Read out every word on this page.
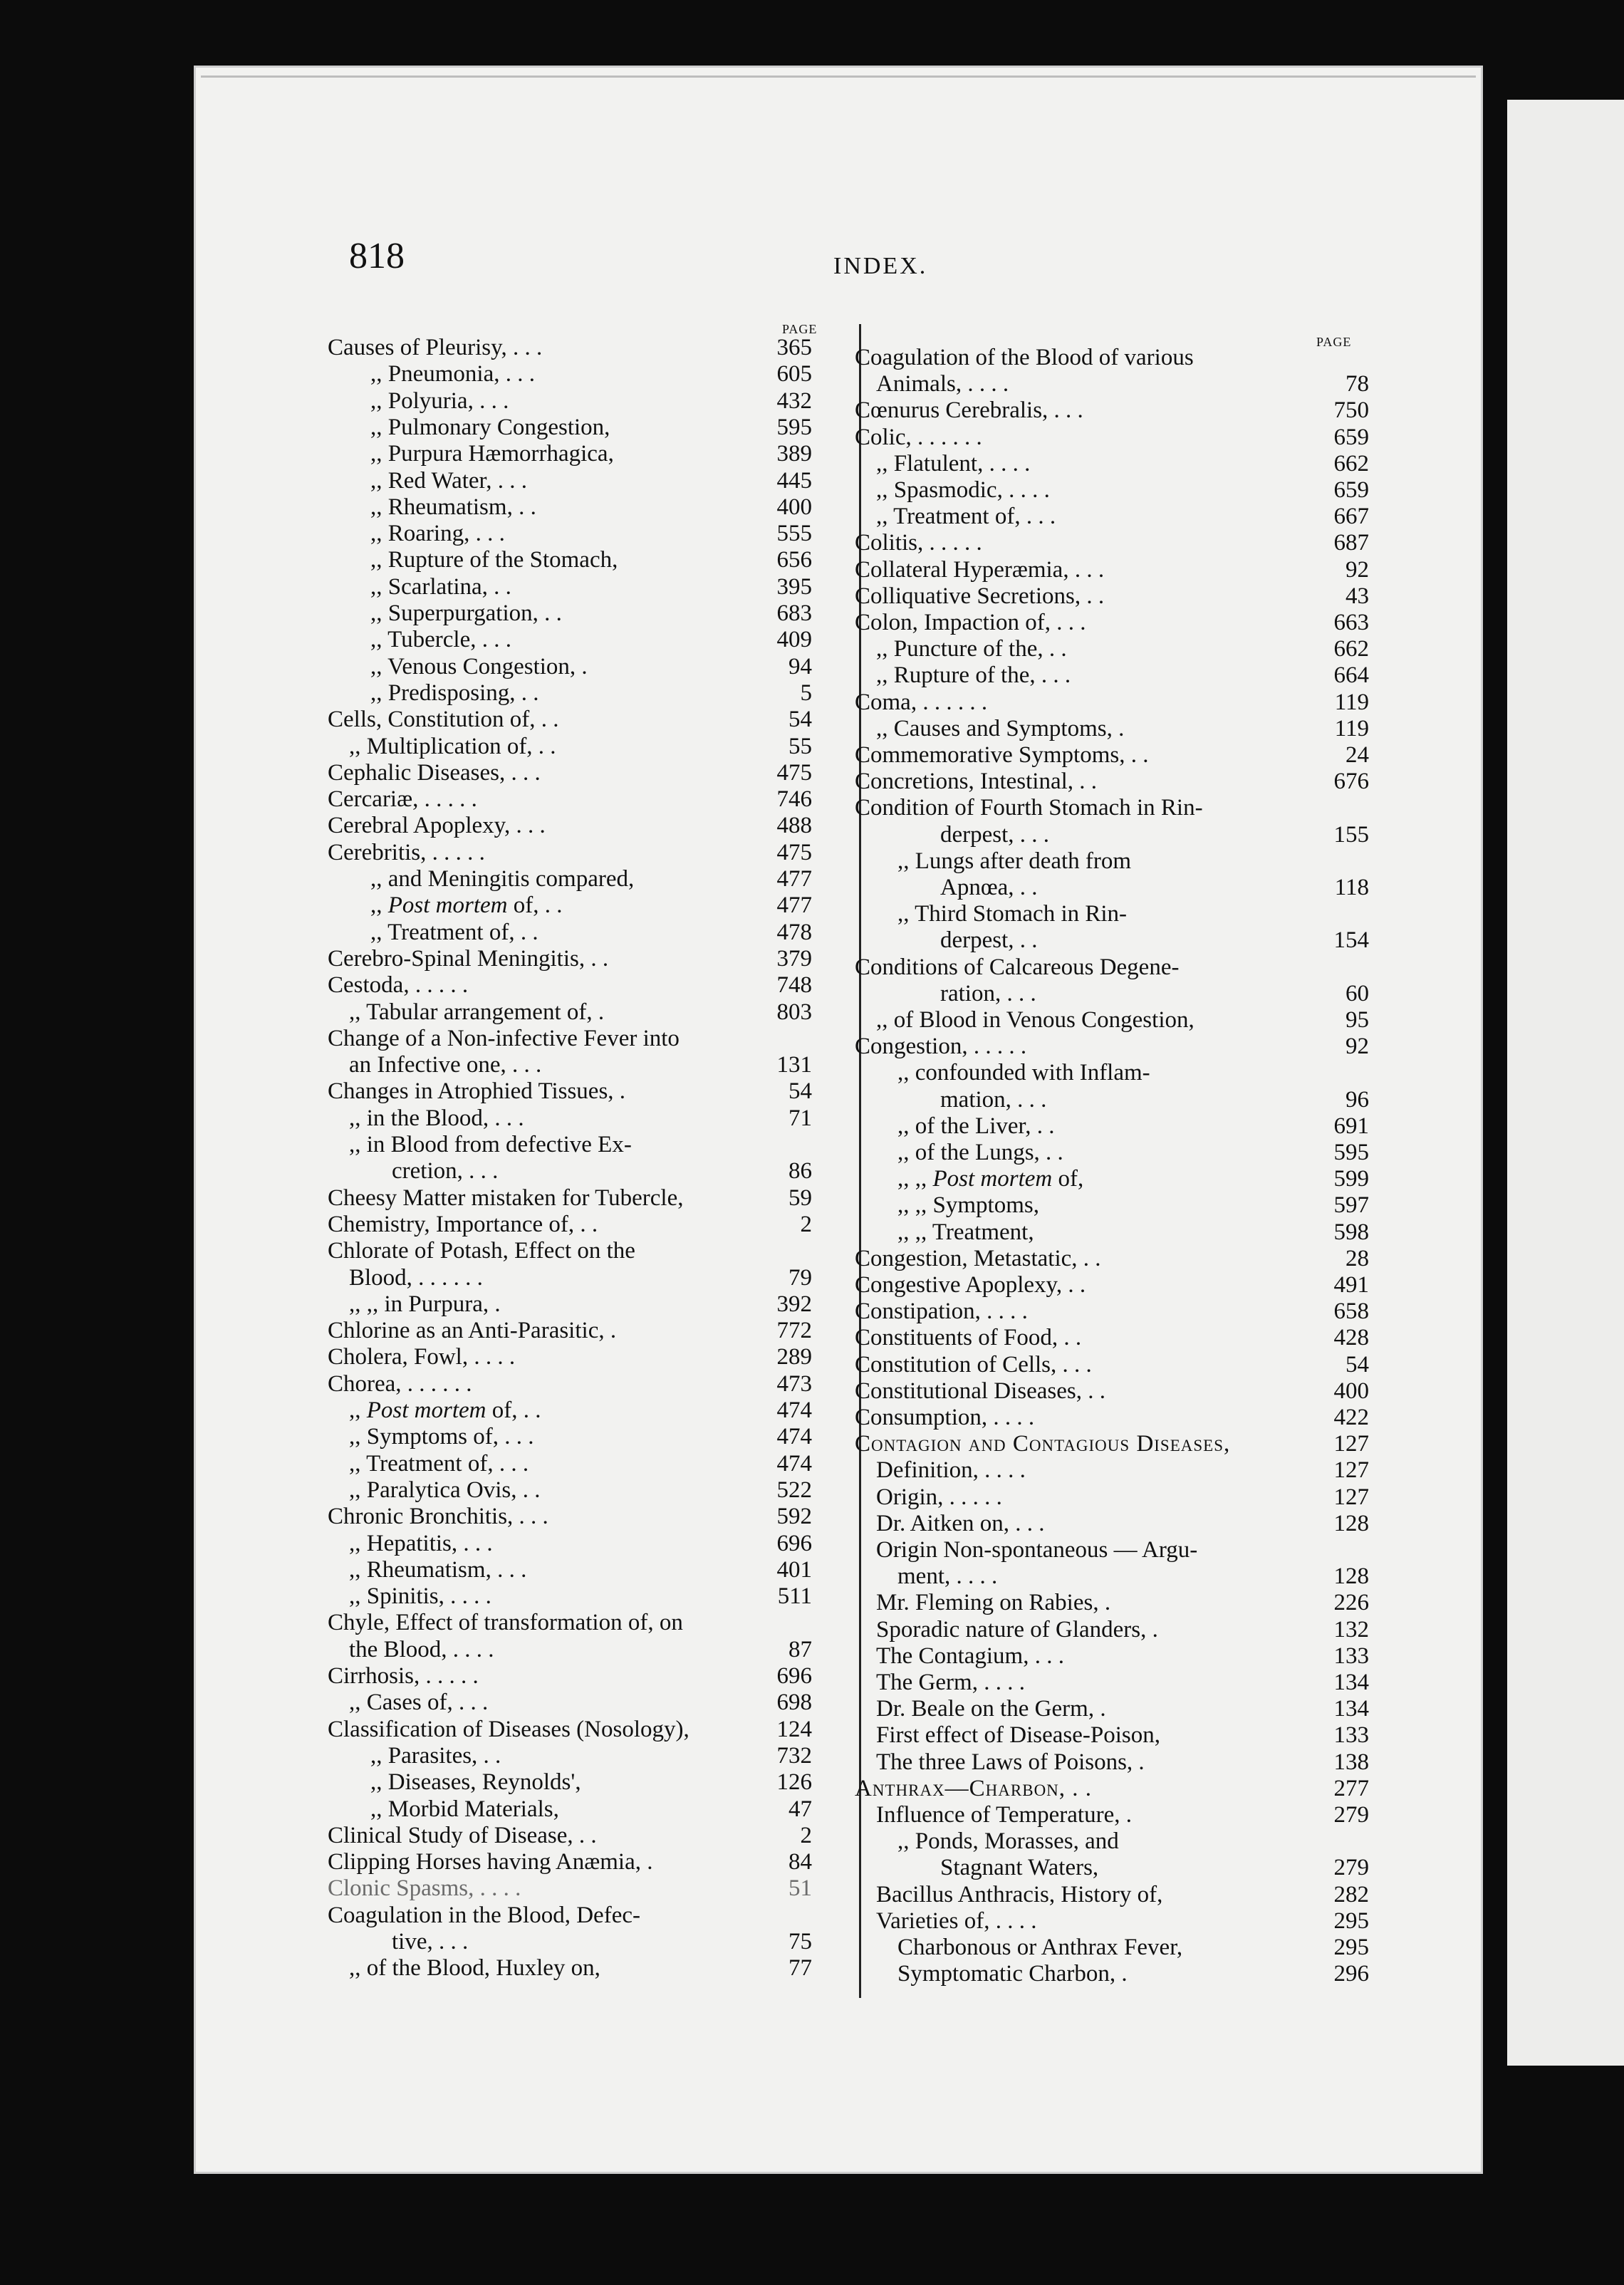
818	INDEX.
PAGE
PAGE
Causes of Pleurisy, . . .	365
,, Pneumonia, . . .	605
,, Polyuria, . . .	432
,, Pulmonary Congestion,	595
,, Purpura Hæmorrhagica,	389
,, Red Water, . . .	445
,, Rheumatism, . .	400
,, Roaring, . . .	555
,, Rupture of the Stomach,	656
,, Scarlatina, . .	395
,, Superpurgation, . .	683
,, Tubercle, . . .	409
,, Venous Congestion, .	94
,, Predisposing, . .	5
Cells, Constitution of, . .	54
,, Multiplication of, . .	55
Cephalic Diseases, . . .	475
Cercariæ, . . . . .	746
Cerebral Apoplexy, . . .	488
Cerebritis, . . . . .	475
,, and Meningitis compared,	477
,, Post mortem of, . .	477
,, Treatment of, . .	478
Cerebro-Spinal Meningitis, . .	379
Cestoda, . . . . .	748
,, Tabular arrangement of, .	803
Change of a Non-infective Fever into
an Infective one, . . .	131
Changes in Atrophied Tissues, .	54
,, in the Blood, . . .	71
,, in Blood from defective Ex-
cretion, . . .	86
Cheesy Matter mistaken for Tubercle,	59
Chemistry, Importance of, . .	2
Chlorate of Potash, Effect on the
Blood, . . . . . .	79
,, ,, in Purpura, .	392
Chlorine as an Anti-Parasitic, .	772
Cholera, Fowl, . . . .	289
Chorea, . . . . . .	473
,, Post mortem of, . .	474
,, Symptoms of, . . .	474
,, Treatment of, . . .	474
,, Paralytica Ovis, . .	522
Chronic Bronchitis, . . .	592
,, Hepatitis, . . .	696
,, Rheumatism, . . .	401
,, Spinitis, . . . .	511
Chyle, Effect of transformation of, on
the Blood, . . . .	87
Cirrhosis, . . . . .	696
,, Cases of, . . .	698
Classification of Diseases (Nosology),	124
,, Parasites, . .	732
,, Diseases, Reynolds',	126
,, Morbid Materials,	47
Clinical Study of Disease, . .	2
Clipping Horses having Anæmia, .	84
Clonic Spasms, . . . .	51
Coagulation in the Blood, Defec-
tive, . . .	75
,, of the Blood, Huxley on,	77
Coagulation of the Blood of various
Animals, . . . .	78
Cœnurus Cerebralis, . . .	750
Colic, . . . . . .	659
,, Flatulent, . . . .	662
,, Spasmodic, . . . .	659
,, Treatment of, . . .	667
Colitis, . . . . .	687
Collateral Hyperæmia, . . .	92
Colliquative Secretions, . .	43
Colon, Impaction of, . . .	663
,, Puncture of the, . .	662
,, Rupture of the, . . .	664
Coma, . . . . . .	119
,, Causes and Symptoms, .	119
Commemorative Symptoms, . .	24
Concretions, Intestinal, . .	676
Condition of Fourth Stomach in Rin-
derpest, . . .	155
,, Lungs after death from
Apnœa, . .	118
,, Third Stomach in Rin-
derpest, . .	154
Conditions of Calcareous Degene-
ration, . . .	60
,, of Blood in Venous Congestion,	95
Congestion, . . . . .	92
,, confounded with Inflam-
mation, . . .	96
,, of the Liver, . .	691
,, of the Lungs, . .	595
,, ,, Post mortem of,	599
,, ,, Symptoms,	597
,, ,, Treatment,	598
Congestion, Metastatic, . .	28
Congestive Apoplexy, . .	491
Constipation, . . . .	658
Constituents of Food, . .	428
Constitution of Cells, . . .	54
Constitutional Diseases, . .	400
Consumption, . . . .	422
Contagion and Contagious Diseases,	127
Definition, . . . .	127
Origin, . . . . .	127
Dr. Aitken on, . . .	128
Origin Non-spontaneous — Argu-
ment, . . . .	128
Mr. Fleming on Rabies, .	226
Sporadic nature of Glanders, .	132
The Contagium, . . .	133
The Germ, . . . .	134
Dr. Beale on the Germ, .	134
First effect of Disease-Poison,	133
The three Laws of Poisons, .	138
Anthrax—Charbon, . .	277
Influence of Temperature, .	279
,, Ponds, Morasses, and
Stagnant Waters,	279
Bacillus Anthracis, History of,	282
Varieties of, . . . .	295
Charbonous or Anthrax Fever,	295
Symptomatic Charbon, .	296
